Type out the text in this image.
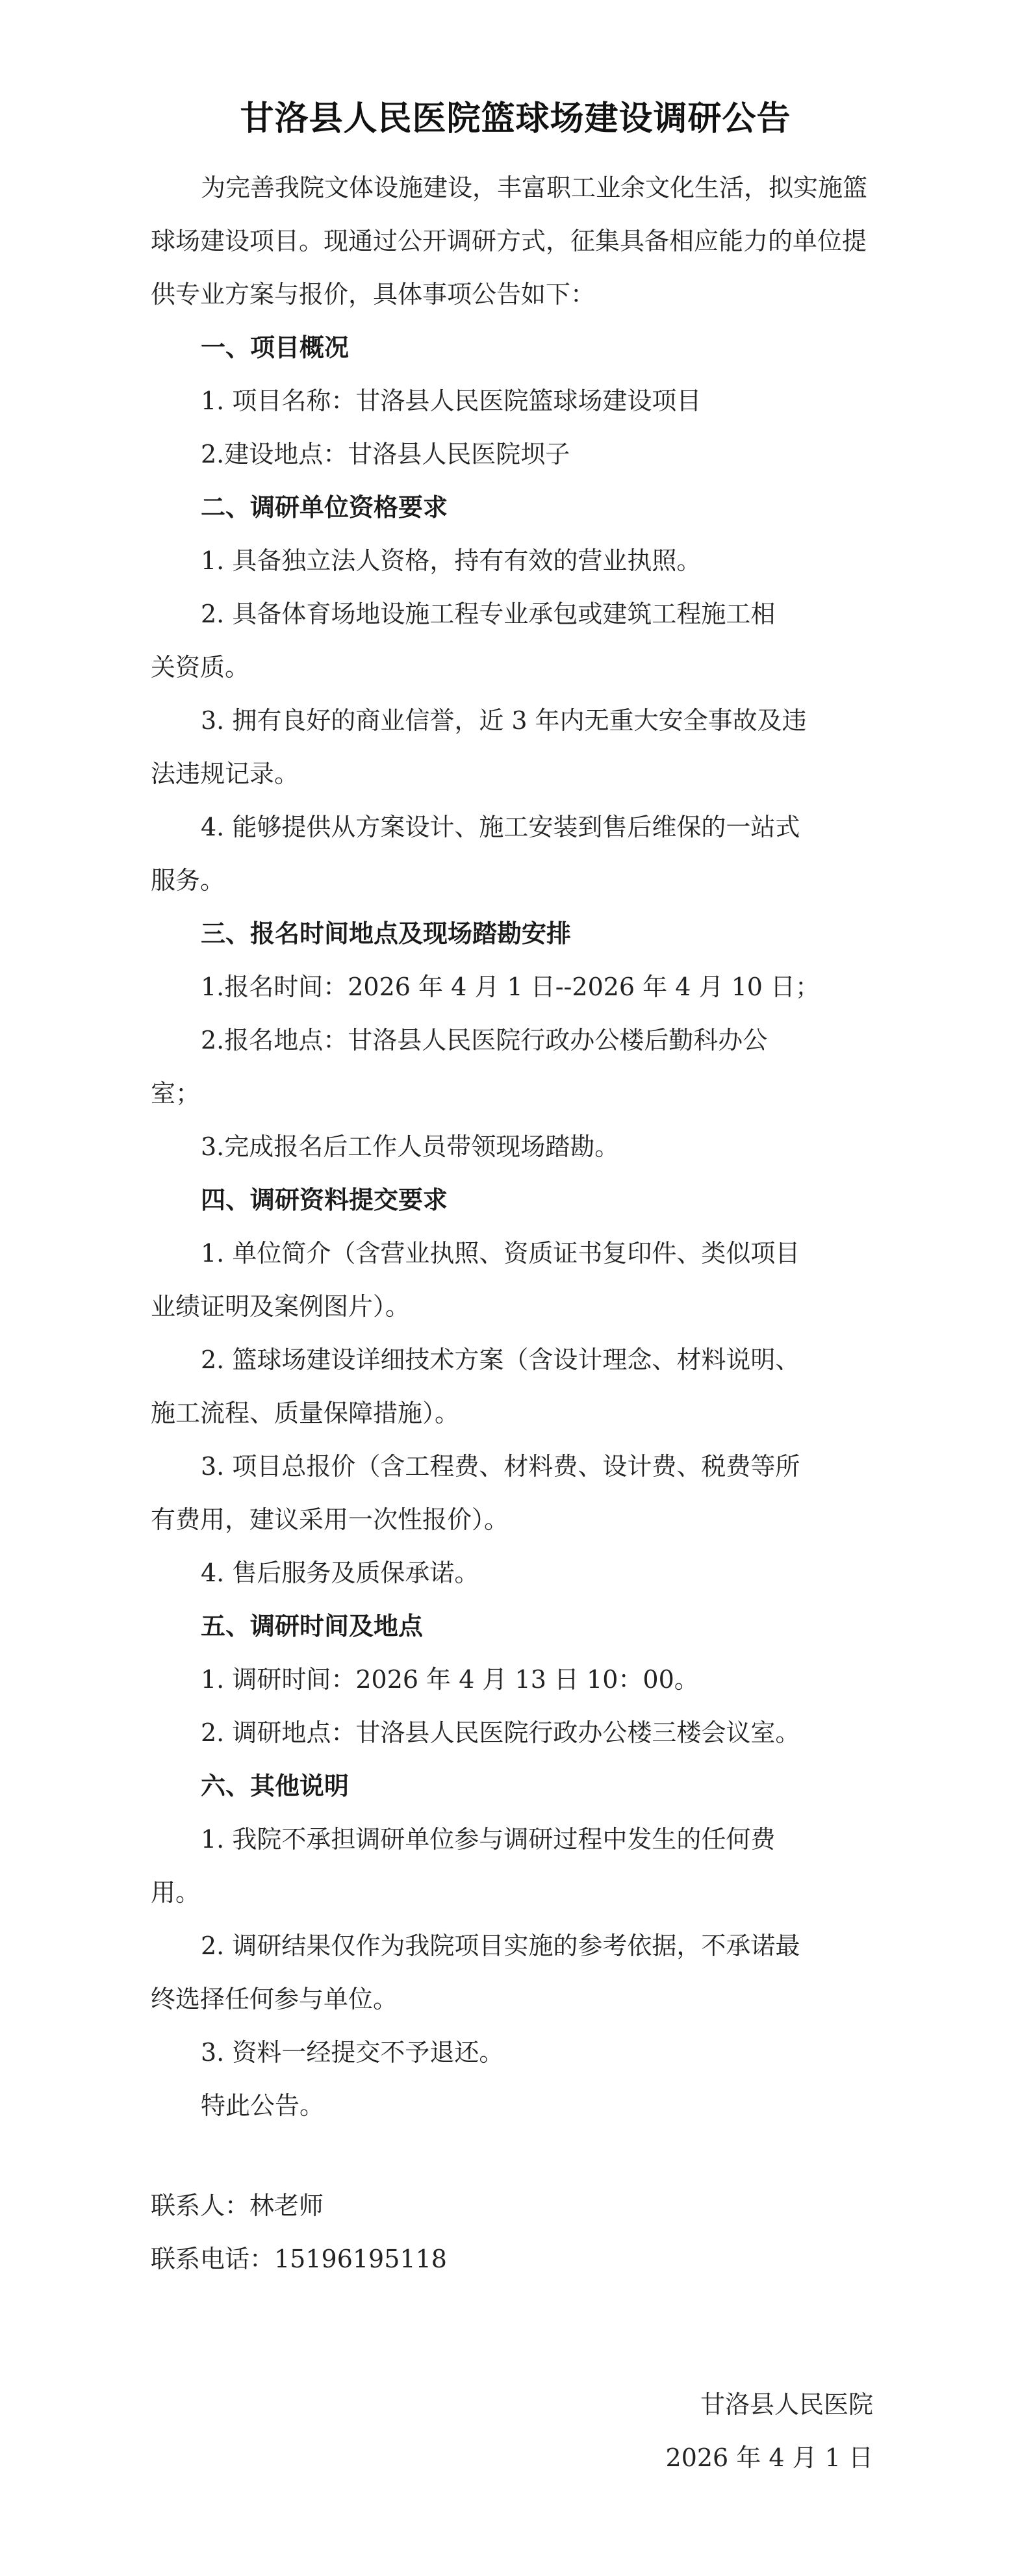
甘洛县人民医院篮球场建设调研公告
为完善我院文体设施建设，丰富职工业余文化生活，拟实施篮球场建设项目。现通过公开调研方式，征集具备相应能力的单位提供专业方案与报价，具体事项公告如下：
一、项目概况
1. 项目名称：甘洛县人民医院篮球场建设项目
2.建设地点：甘洛县人民医院坝子
二、调研单位资格要求
1. 具备独立法人资格，持有有效的营业执照。
2. 具备体育场地设施工程专业承包或建筑工程施工相
关资质。
3. 拥有良好的商业信誉，近 3 年内无重大安全事故及违
法违规记录。
4. 能够提供从方案设计、施工安装到售后维保的一站式
服务。
三、报名时间地点及现场踏勘安排
1.报名时间：2026 年 4 月 1 日--2026 年 4 月 10 日；
2.报名地点：甘洛县人民医院行政办公楼后勤科办公
室；
3.完成报名后工作人员带领现场踏勘。
四、调研资料提交要求
1. 单位简介（含营业执照、资质证书复印件、类似项目
业绩证明及案例图片）。
2. 篮球场建设详细技术方案（含设计理念、材料说明、
施工流程、质量保障措施）。
3. 项目总报价（含工程费、材料费、设计费、税费等所
有费用，建议采用一次性报价）。
4. 售后服务及质保承诺。
五、调研时间及地点
1. 调研时间：2026 年 4 月 13 日 10：00。
2. 调研地点：甘洛县人民医院行政办公楼三楼会议室。
六、其他说明
1. 我院不承担调研单位参与调研过程中发生的任何费
用。
2. 调研结果仅作为我院项目实施的参考依据，不承诺最
终选择任何参与单位。
3. 资料一经提交不予退还。
特此公告。
联系人：林老师
联系电话：15196195118
甘洛县人民医院
2026 年 4 月 1 日
